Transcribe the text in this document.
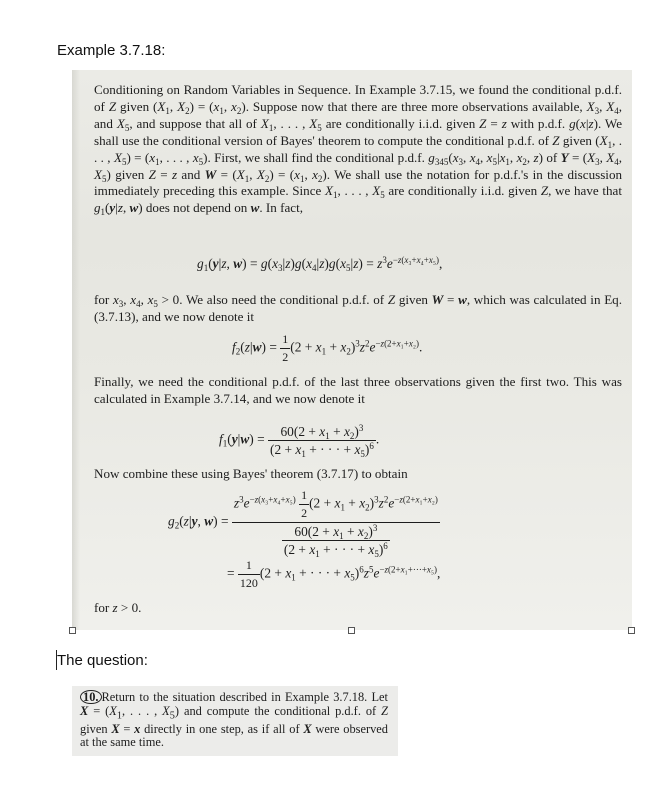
Example 3.7.18:
Conditioning on Random Variables in Sequence. In Example 3.7.15, we found the conditional p.d.f. of Z given ($X_1$, $X_2) = (x_1$, $x_2$). Suppose now that there are three more observations available, $X_3$, $X_4$, and $X_5$, and suppose that all of $X_1$, . . . , $X_5$ are conditionally i.i.d. given Z = z with p.d.f. g(x|z). We shall use the conditional version of Bayes' theorem to compute the conditional p.d.f. of Z given ($X_1$, . . . , $X_5) = (x_1$, . . . , $x_5$). First, we shall find the conditional p.d.f. $g_{345}(x_3$, $x_4$, $x_5|x_1$, $x_2$, z) of $Y = (X_3$, $X_4$, $X_5$) given Z = z and $W = (X_1$, $X_2) = (x_1$, $x_2$). We shall use the notation for p.d.f.'s in the discussion immediately preceding this example. Since $X_1$, . . . , $X_5$ are conditionally i.i.d. given Z, we have that $g_1(y|z$, w) does not depend on w. In fact,
$g_1(y|z$, $w) = g(x_3|z)g(x_4|z)g(x_5|z) = z^3e^{-z(x_3+x_4+x_5)}$,
for $x_3$, $x_4$, $x_5 > 0$. We also need the conditional p.d.f. of Z given W = w, which was calculated in Eq. (3.7.13), and we now denote it
$f_2(z|w) = \frac{1}{2} (2 + x_1 + x_2)^3z^2e^{-z(2+x_1+x_2)}$.
Finally, we need the conditional p.d.f. of the last three observations given the first two. This was calculated in Example 3.7.14, and we now denote it
$f_1(y|w) = \frac{60(2 + x_1 + x_2)^3}{(2 + x_1 + \cdot \cdot \cdot + x_5)^6}$ .
Now combine these using Bayes' theorem (3.7.17) to obtain
$g_2(z|y$, $w) = \frac{z^3e^{-z(x_3+x_4+x_5)} \frac{1}{2} (2 + x_1 + x_2)^3z^2e^{-z(2+x_1+x_2)}}{\frac{60(2 + x_1 + x_2)^3}{(2 + x_1 + \cdot \cdot \cdot + x_5)^6}}$
= $\frac{1}{120} (2 + x_1$ + · · · + $x_5)^6z^5e^{-z(2+x_1+\cdot\cdot\cdot+x_5)}$,
for z > 0.
The question:
10. Return to the situation described in Example 3.7.18. Let $X = (X_1$, . . . , $X_5$) and compute the conditional p.d.f. of Z given X = x directly in one step, as if all of X were observed at the same time.
